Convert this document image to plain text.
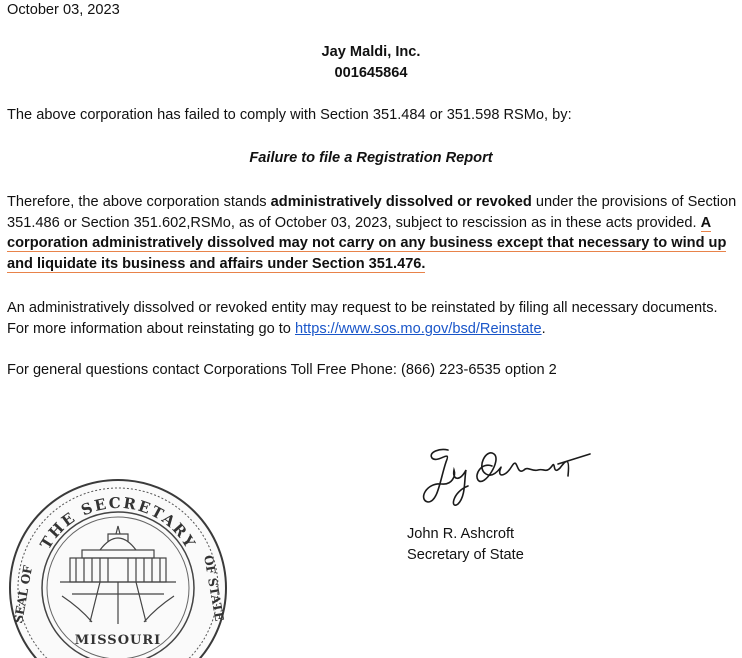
October 03, 2023
Jay Maldi, Inc.
001645864
The above corporation has failed to comply with Section 351.484 or 351.598 RSMo, by:
Failure to file a Registration Report
Therefore, the above corporation stands administratively dissolved or revoked under the provisions of Section 351.486 or Section 351.602,RSMo, as of October 03, 2023, subject to rescission as in these acts provided. A corporation administratively dissolved may not carry on any business except that necessary to wind up and liquidate its business and affairs under Section 351.476.
An administratively dissolved or revoked entity may request to be reinstated by filing all necessary documents. For more information about reinstating go to https://www.sos.mo.gov/bsd/Reinstate.
For general questions contact Corporations Toll Free Phone: (866) 223-6535 option 2
THE SECRETARY
SEAL OF	OF STATE
MISSOURI
John R. Ashcroft
Secretary of State
